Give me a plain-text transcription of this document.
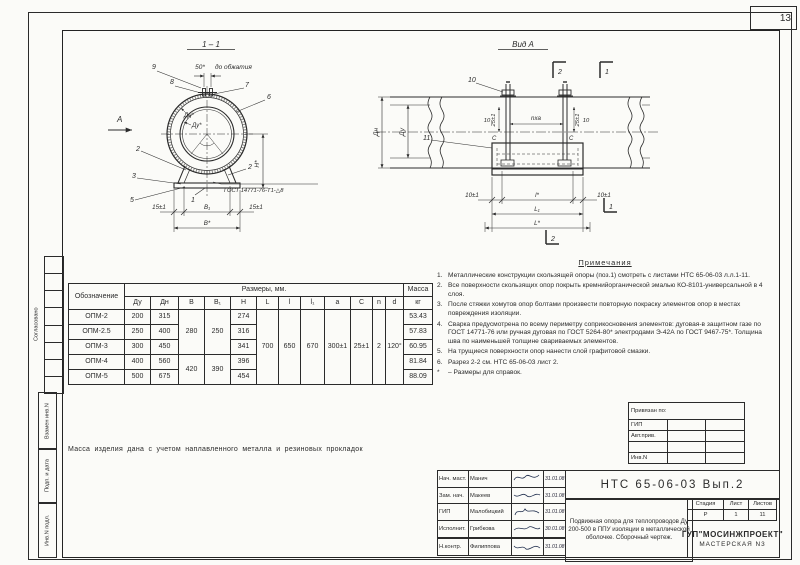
13
Согласовано
Взамен инв.N
Подп. и дата
Инв.N подл.
1 – 1
50* до обжатия
9
8	7
6
2
3
5	1
2
A	Дн*
Ду*
ГОСТ 14771-76-Т1-△8
H*
15±1	B₁	15±1
B*
Вид A
2	1
10
11
Дн	Ду
25±1	25±1
C	C
nxa
10	10
10±1	l*	10±1
L₁
L*
2
1
Обозначение	Размеры, мм.												Масса
	Ду	Дн	В	В₁	Н	L	l	l₁	a	C	n	d	кг
ОПМ-2	200	315	280	250	274	700	650	670	300±1	25±1	2	120°	53.43
ОПМ-2.5	250	400			316								57.83
ОПМ-3	300	450			341								60.95
ОПМ-4	400	560	420	390	396								81.84
ОПМ-5	500	675			454								88.09
Примечания
1. Металлические конструкции скользящей опоры (поз.1) смотреть с листами НТС 65-06-03 л.л.1-11.
2. Все поверхности скользящих опор покрыть кремнийорганической эмалью КО-8101-универсальной в 4 слоя.
3. После стяжки хомутов опор болтами произвести повторную покраску элементов опор в местах повреждения изоляции.
4. Сварка предусмотрена по всему периметру соприкосновения элементов: дуговая-в защитном газе по ГОСТ 14771-76 или ручная дуговая по ГОСТ 5264-80* электродами Э-42А по ГОСТ 9467-75*. Толщина шва по наименьшей толщине свариваемых элементов.
5. На трущиеся поверхности опор нанести слой графитовой смазки.
6. Разрез 2-2 см. НТС 65-06-03 лист 2.
*	– Размеры для справок.
Привязан по:		
ГИП		
Авт.прив.		

Инв.N		
Масса изделия дана с учетом наплавленного металла и резиновых прокладок
Нач. маст.	Манич		31.01.08
Зам. нач.	Макеев		31.01.08
ГИП	Малобицкий		31.01.08
Исполнит.	Грибкова		30.01.08

Н.контр.	Филиппова		31.01.08
НТС 65-06-03 Вып.2
Подвижная опора для теплопроводов Ду 200-500 в ППУ изоляции в металлической оболочке. Сборочный чертеж.
Стадия	Лист	Листов
Р	1	11
ГУП"МОСИНЖПРОЕКТ"
МАСТЕРСКАЯ N3
